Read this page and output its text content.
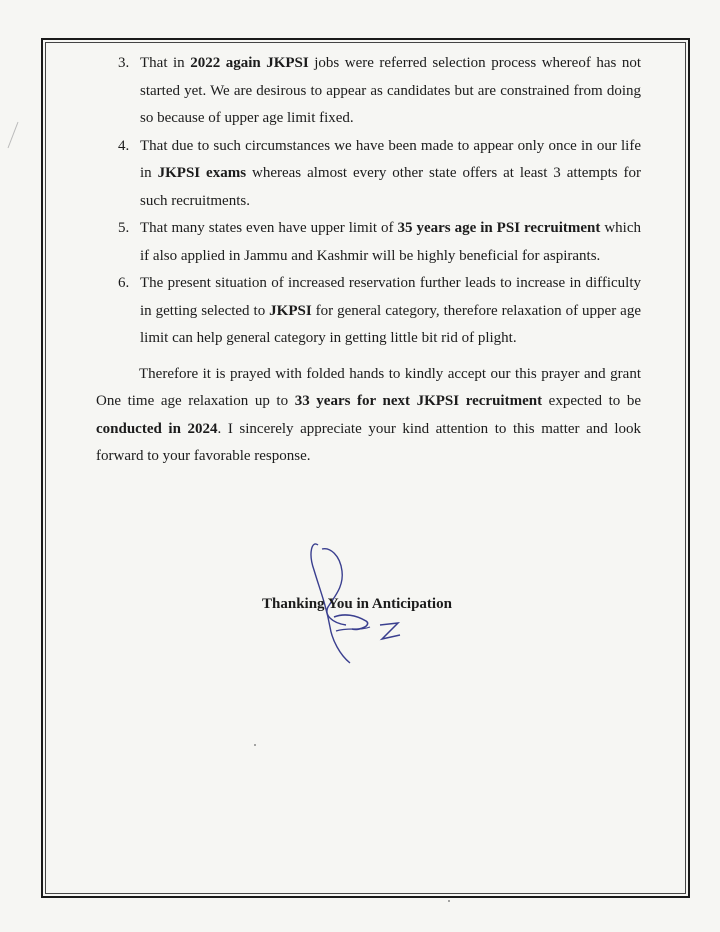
3. That in 2022 again JKPSI jobs were referred selection process whereof has not started yet. We are desirous to appear as candidates but are constrained from doing so because of upper age limit fixed.
4. That due to such circumstances we have been made to appear only once in our life in JKPSI exams whereas almost every other state offers at least 3 attempts for such recruitments.
5. That many states even have upper limit of 35 years age in PSI recruitment which if also applied in Jammu and Kashmir will be highly beneficial for aspirants.
6. The present situation of increased reservation further leads to increase in difficulty in getting selected to JKPSI for general category, therefore relaxation of upper age limit can help general category in getting little bit rid of plight.

Therefore it is prayed with folded hands to kindly accept our this prayer and grant One time age relaxation up to 33 years for next JKPSI recruitment expected to be conducted in 2024. I sincerely appreciate your kind attention to this matter and look forward to your favorable response.

Thanking You in Anticipation
